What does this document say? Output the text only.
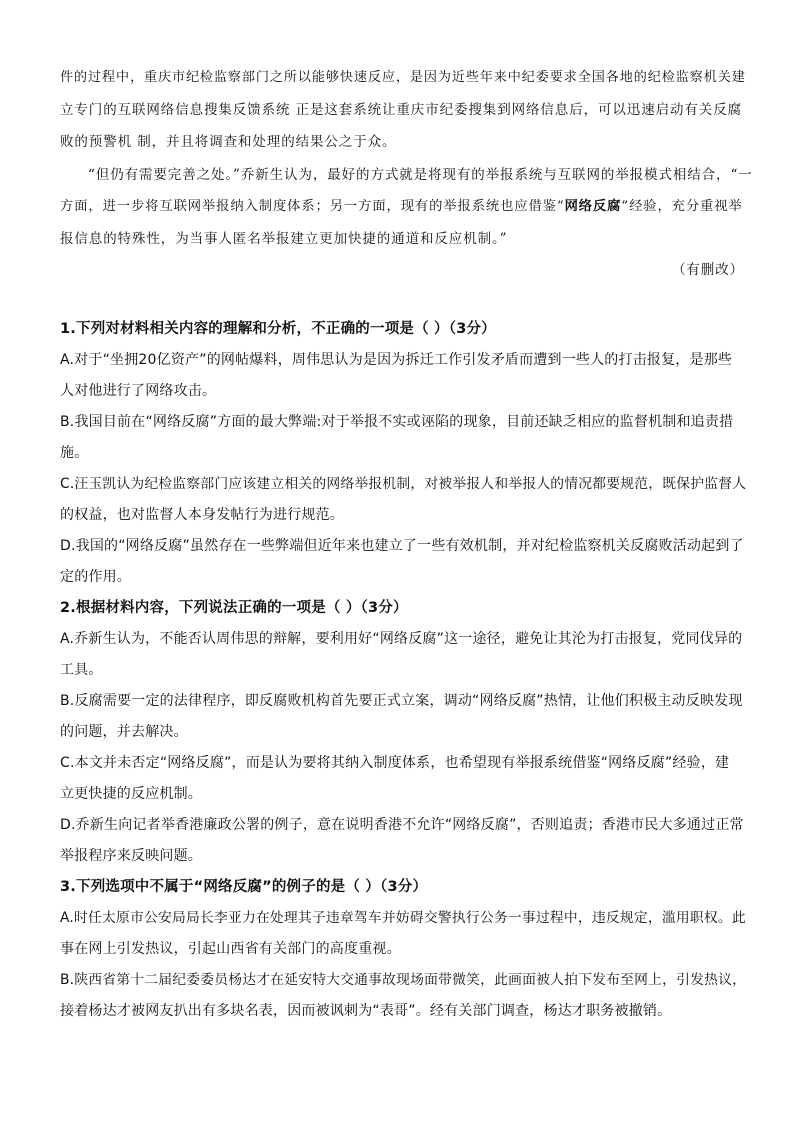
件的过程中，重庆市纪检监察部门之所以能够快速反应，是因为近些年来中纪委要求全国各地的纪检监察机关建
立专门的互联网络信息搜集反馈系统 正是这套系统让重庆市纪委搜集到网络信息后，可以迅速启动有关反腐
败的预警机 制，并且将调查和处理的结果公之于众。
“但仍有需要完善之处。”乔新生认为，最好的方式就是将现有的举报系统与互联网的举报模式相结合，“一
方面，进一步将互联网举报纳入制度体系；另一方面，现有的举报系统也应借鉴“网络反腐”经验，充分重视举
报信息的特殊性，为当事人匿名举报建立更加快捷的通道和反应机制。”
（有删改）
1.下列对材料相关内容的理解和分析，不正确的一项是（ ）（3分）
A.对于“坐拥20亿资产”的网帖爆料，周伟思认为是因为拆迁工作引发矛盾而遭到一些人的打击报复，是那些
人对他进行了网络攻击。
B.我国目前在“网络反腐”方面的最大弊端:对于举报不实或诬陷的现象，目前还缺乏相应的监督机制和追责措
施。
C.汪玉凯认为纪检监察部门应该建立相关的网络举报机制，对被举报人和举报人的情况都要规范，既保护监督人
的权益，也对监督人本身发帖行为进行规范。
D.我国的“网络反腐”虽然存在一些弊端但近年来也建立了一些有效机制，并对纪检监察机关反腐败活动起到了
定的作用。
2.根据材料内容，下列说法正确的一项是（ ）（3分）
A.乔新生认为，不能否认周伟思的辩解，要利用好“网络反腐”这一途径，避免让其沦为打击报复，党同伐异的
工具。
B.反腐需要一定的法律程序，即反腐败机构首先要正式立案，调动“网络反腐”热情，让他们积极主动反映发现
的问题，并去解决。
C.本文并未否定“网络反腐”，而是认为要将其纳入制度体系，也希望现有举报系统借鉴“网络反腐”经验，建
立更快捷的反应机制。
D.乔新生向记者举香港廉政公署的例子，意在说明香港不允许“网络反腐”，否则追责；香港市民大多通过正常
举报程序来反映问题。
3.下列选项中不属于“网络反腐”的例子的是（ ）（3分）
A.时任太原市公安局局长李亚力在处理其子违章驾车并妨碍交警执行公务一事过程中，违反规定，滥用职权。此
事在网上引发热议，引起山西省有关部门的高度重视。
B.陕西省第十二届纪委委员杨达才在延安特大交通事故现场面带微笑，此画面被人拍下发布至网上，引发热议，
接着杨达才被网友扒出有多块名表，因而被讽刺为“表哥”。经有关部门调查，杨达才职务被撤销。
